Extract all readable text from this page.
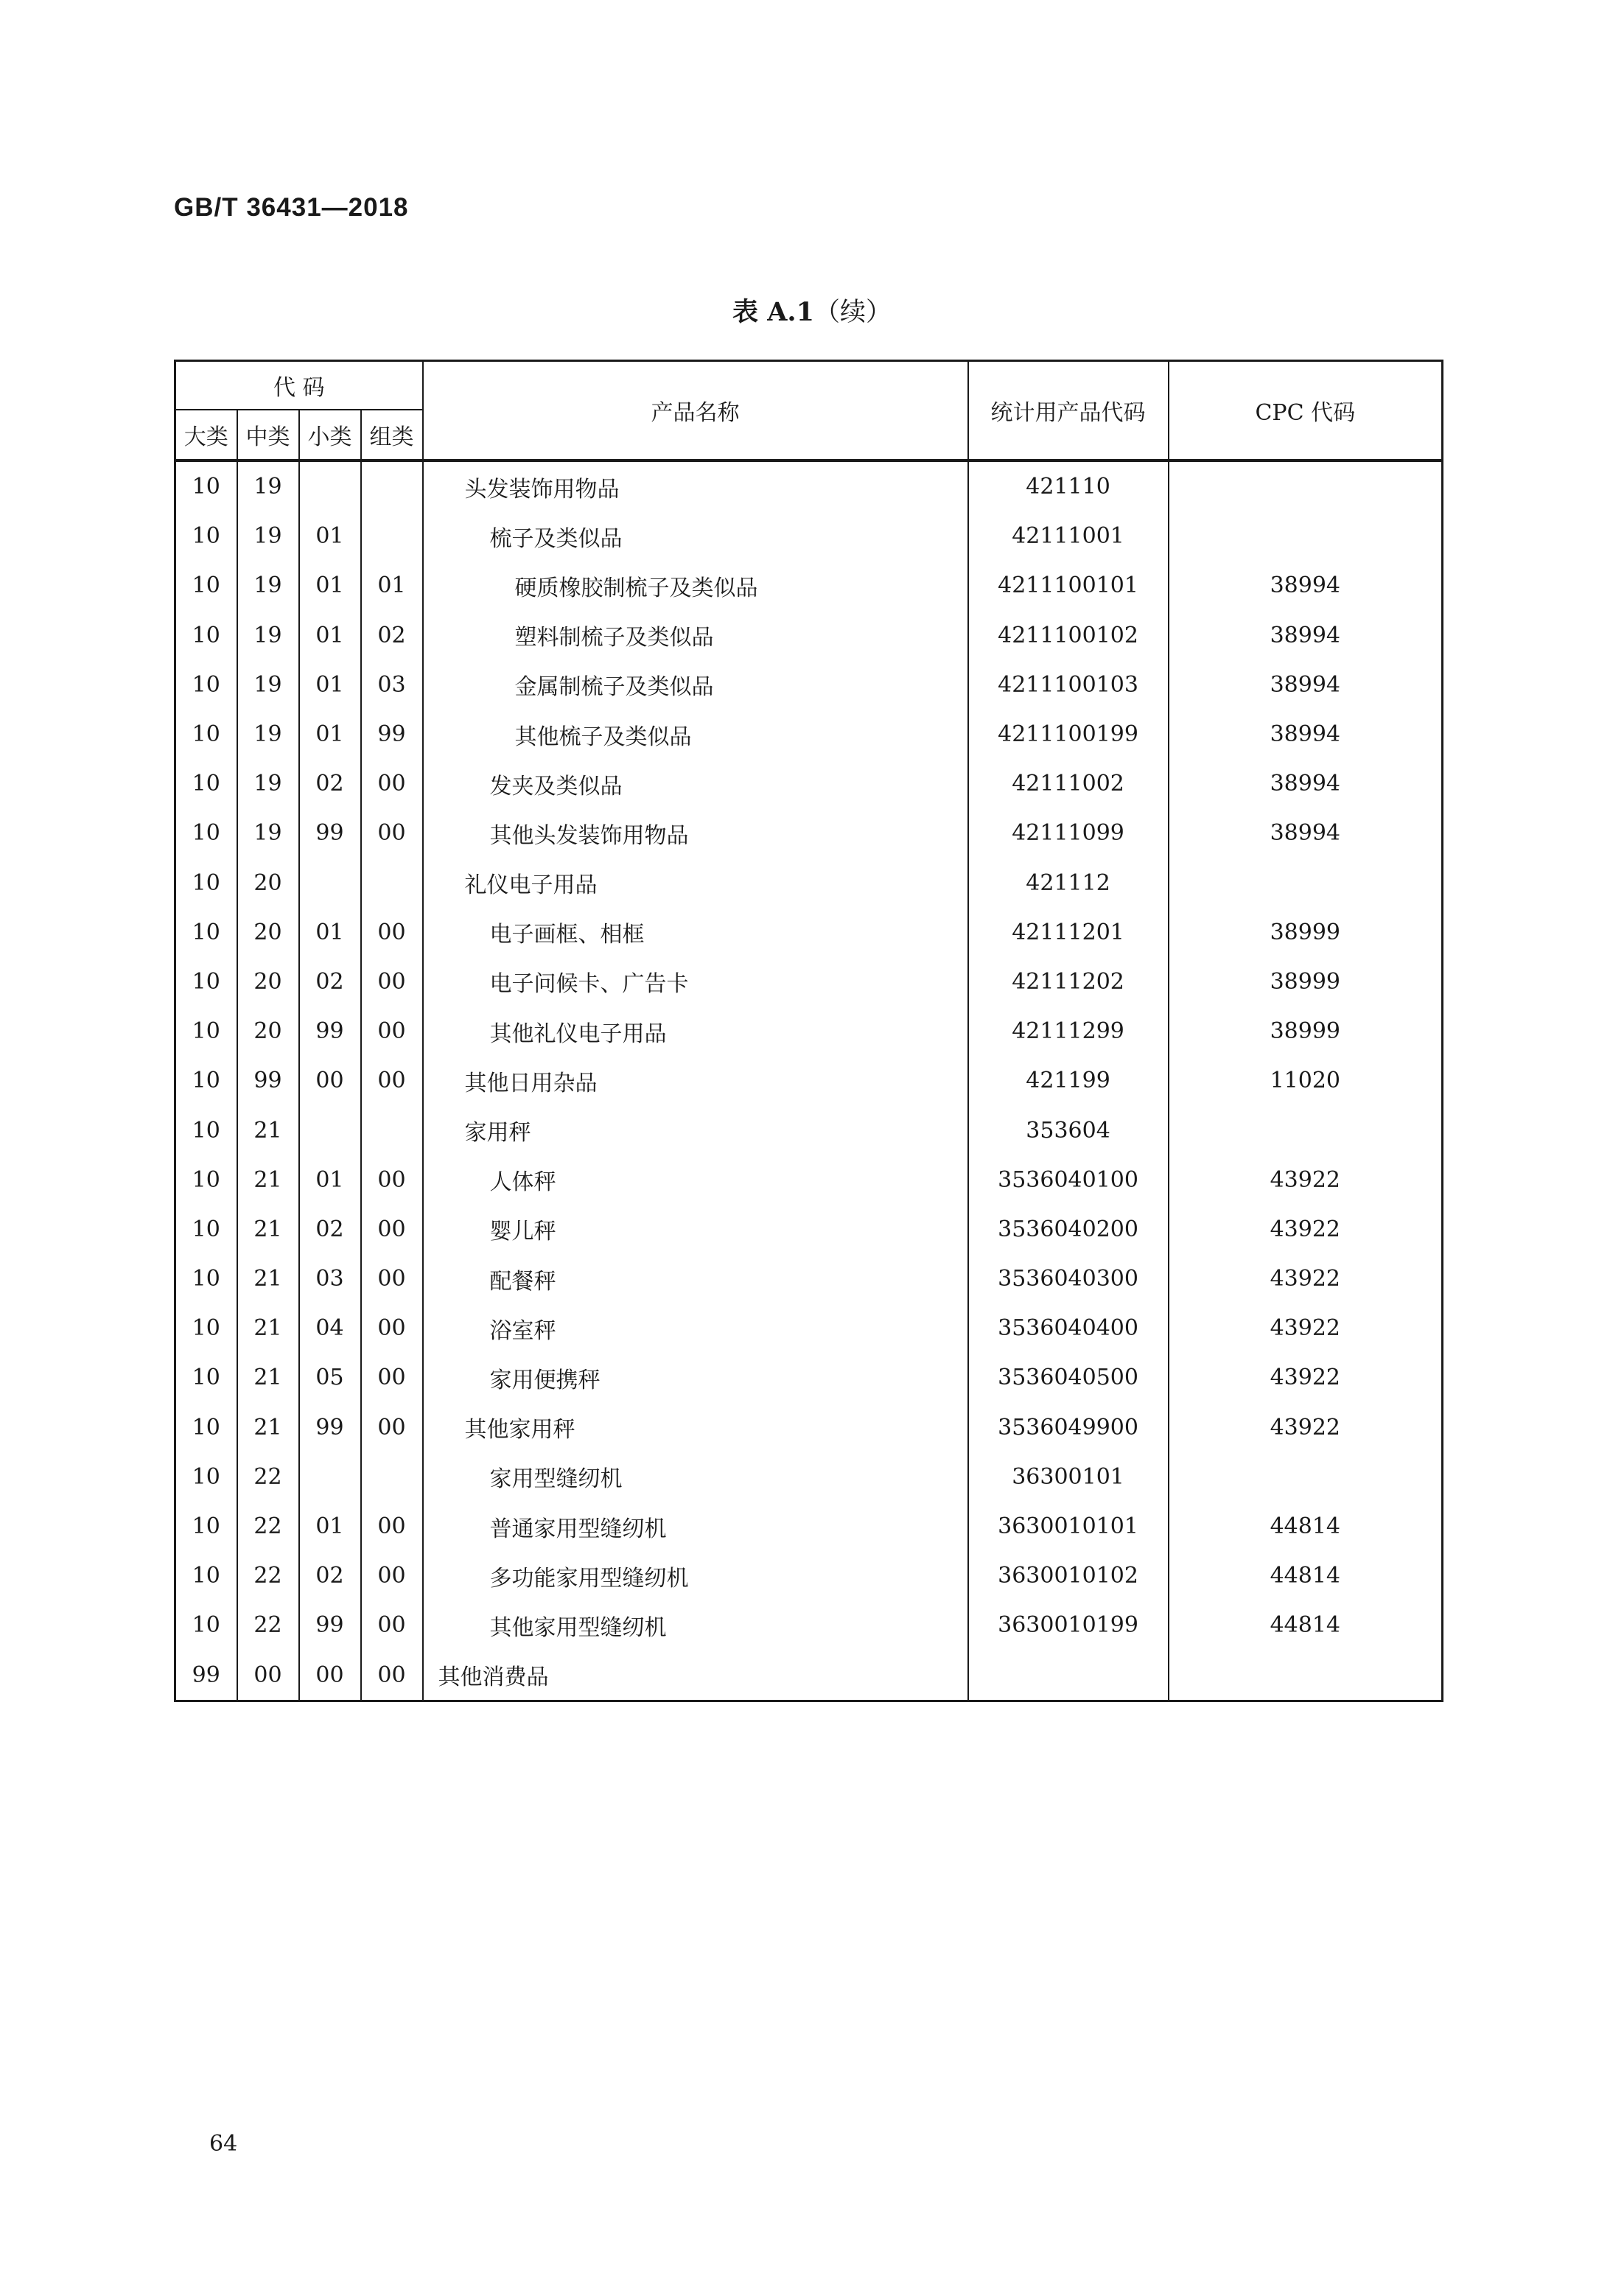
GB/T 36431—2018
表 A.1（续）
代 码				产品名称	统计用产品代码	CPC 代码
大类	中类	小类	组类			
10	19			头发装饰用物品	421110	
10	19	01		梳子及类似品	42111001	
10	19	01	01	硬质橡胶制梳子及类似品	4211100101	38994
10	19	01	02	塑料制梳子及类似品	4211100102	38994
10	19	01	03	金属制梳子及类似品	4211100103	38994
10	19	01	99	其他梳子及类似品	4211100199	38994
10	19	02	00	发夹及类似品	42111002	38994
10	19	99	00	其他头发装饰用物品	42111099	38994
10	20			礼仪电子用品	421112	
10	20	01	00	电子画框、相框	42111201	38999
10	20	02	00	电子问候卡、广告卡	42111202	38999
10	20	99	00	其他礼仪电子用品	42111299	38999
10	99	00	00	其他日用杂品	421199	11020
10	21			家用秤	353604	
10	21	01	00	人体秤	3536040100	43922
10	21	02	00	婴儿秤	3536040200	43922
10	21	03	00	配餐秤	3536040300	43922
10	21	04	00	浴室秤	3536040400	43922
10	21	05	00	家用便携秤	3536040500	43922
10	21	99	00	其他家用秤	3536049900	43922
10	22			家用型缝纫机	36300101	
10	22	01	00	普通家用型缝纫机	3630010101	44814
10	22	02	00	多功能家用型缝纫机	3630010102	44814
10	22	99	00	其他家用型缝纫机	3630010199	44814
99	00	00	00	其他消费品		
64
